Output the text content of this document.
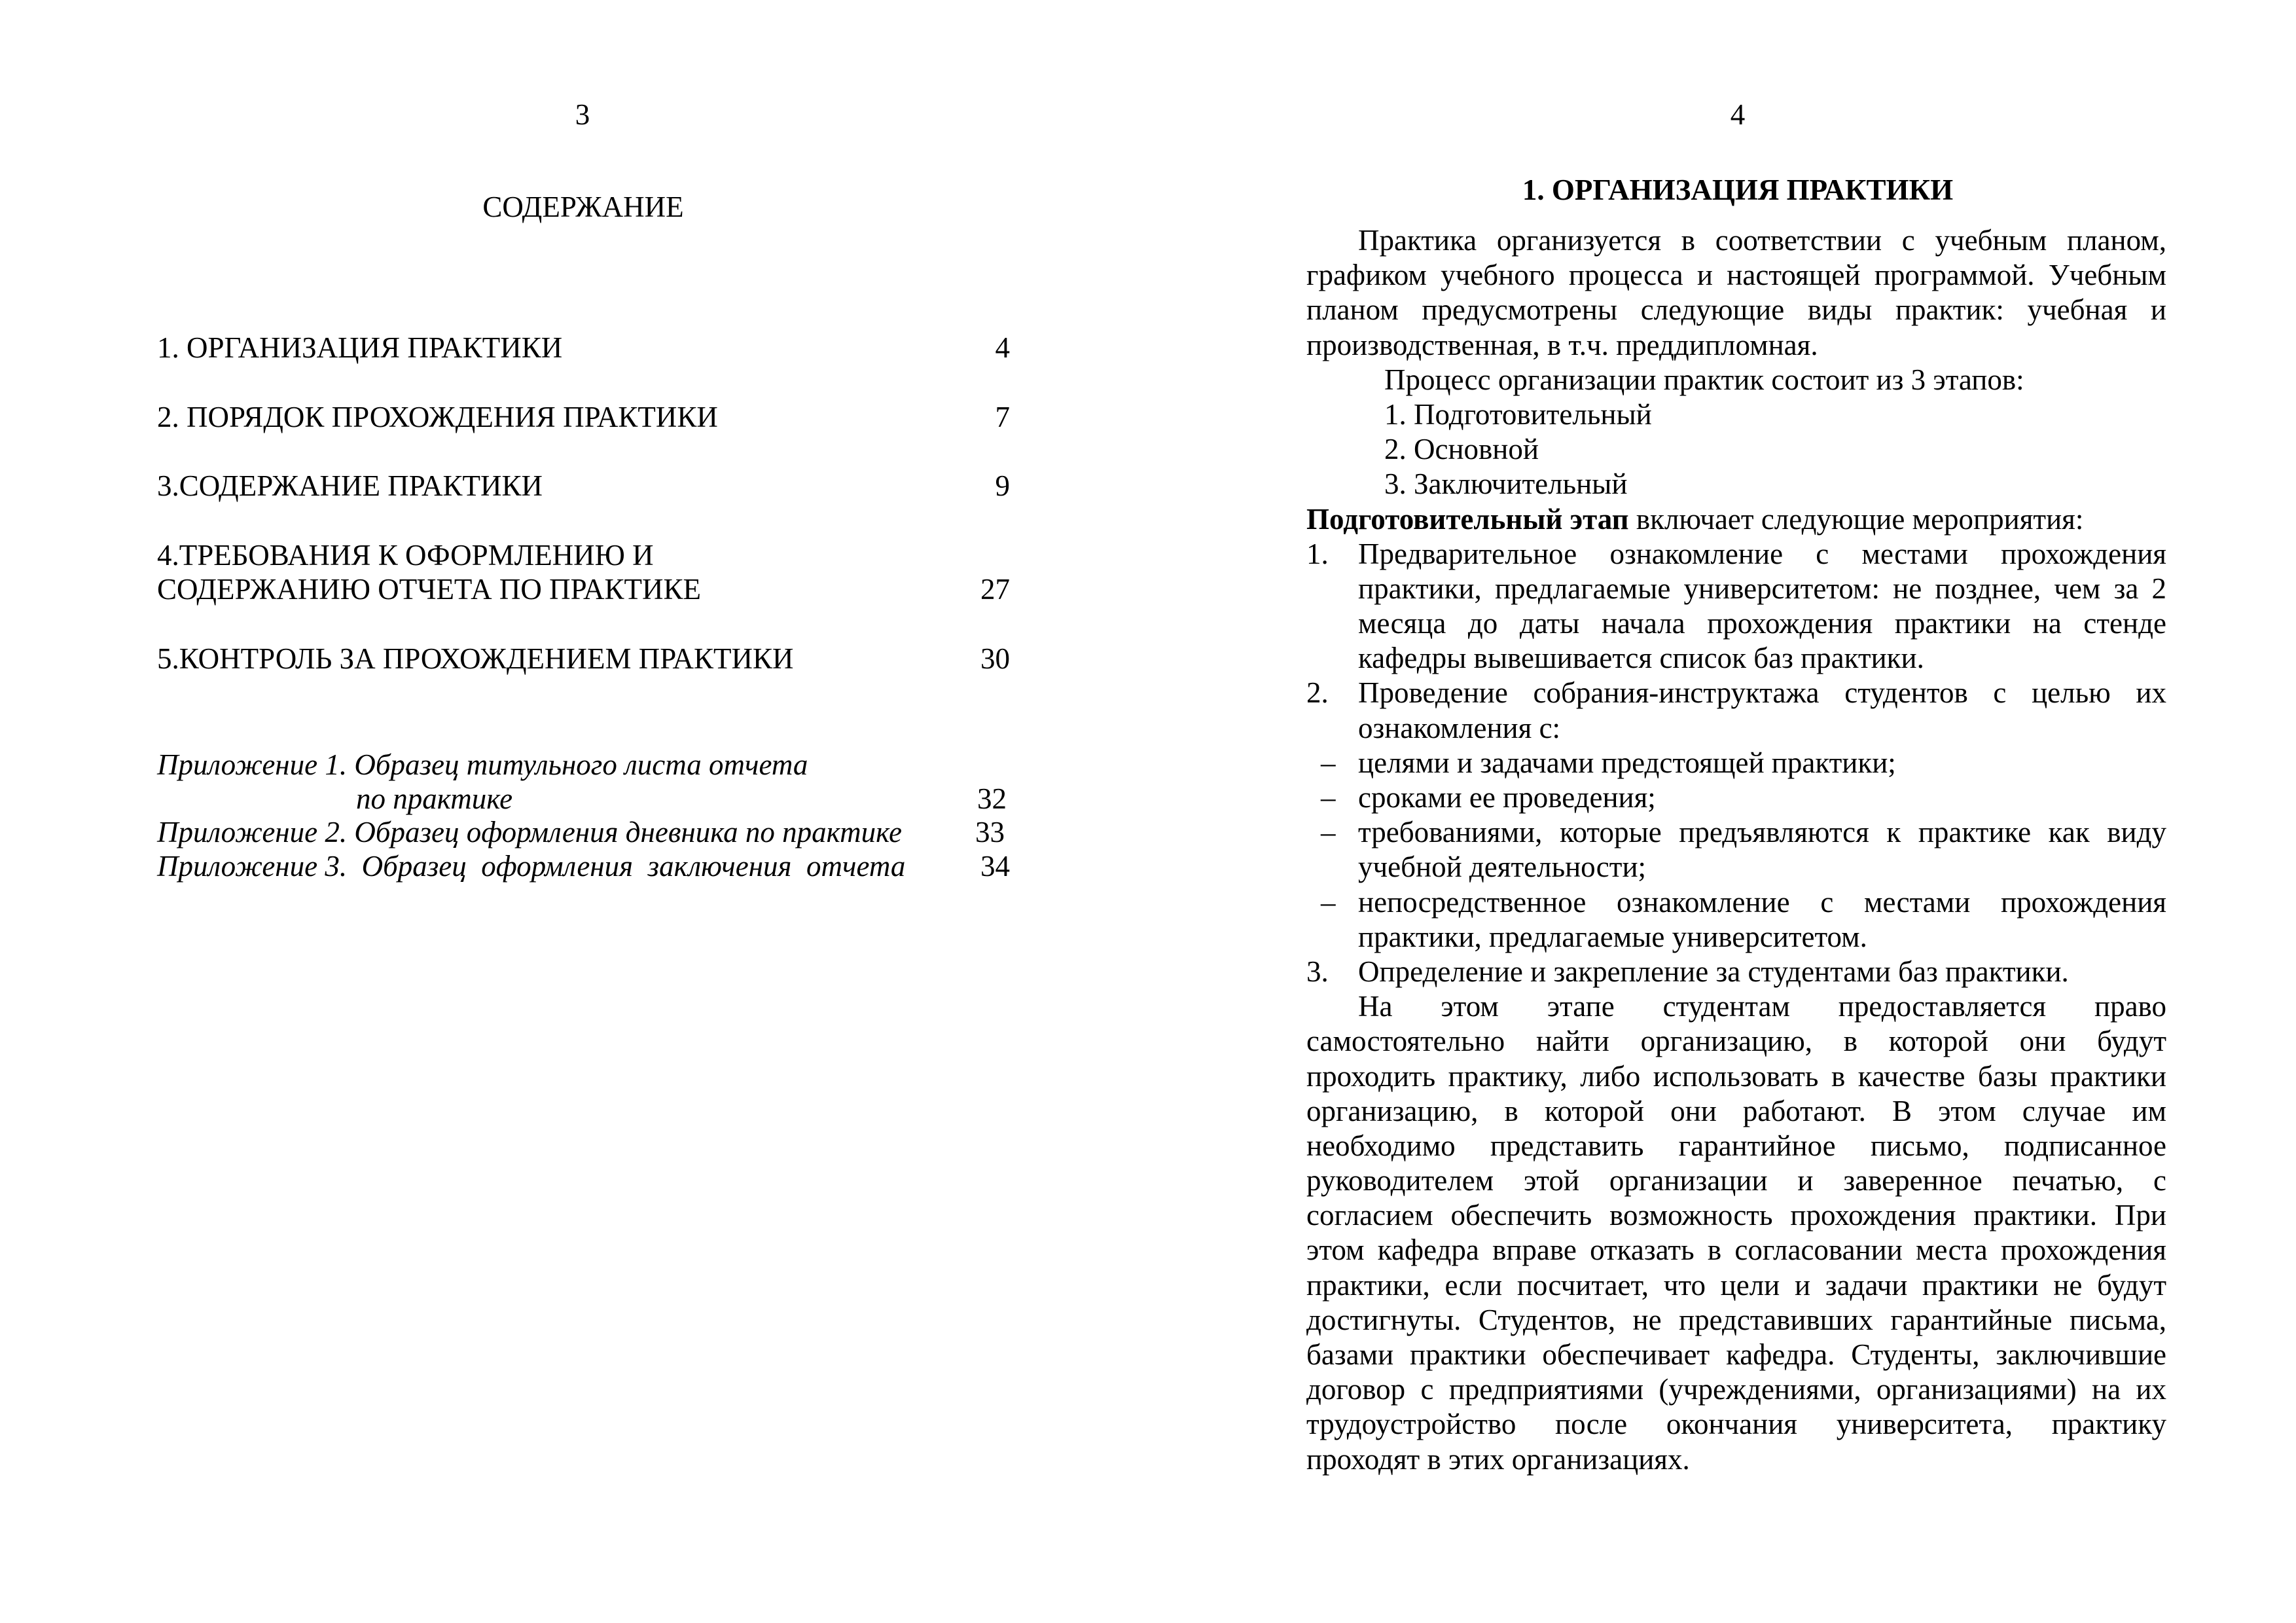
3
СОДЕРЖАНИЕ
1. ОРГАНИЗАЦИЯ ПРАКТИКИ	4
2. ПОРЯДОК ПРОХОЖДЕНИЯ ПРАКТИКИ	7
3.СОДЕРЖАНИЕ ПРАКТИКИ	9
4.ТРЕБОВАНИЯ К ОФОРМЛЕНИЮ И
СОДЕРЖАНИЮ ОТЧЕТА ПО ПРАКТИКЕ	27
5.КОНТРОЛЬ ЗА ПРОХОЖДЕНИЕМ ПРАКТИКИ	30
Приложение 1. Образец титульного листа отчета
по практике	32
Приложение 2. Образец оформления дневника по практике 33
Приложение 3.  Образец  оформления  заключения  отчета	34
4
1. ОРГАНИЗАЦИЯ ПРАКТИКИ
Практика организуется в соответствии с учебным планом,
графиком учебного процесса и настоящей программой. Учебным
планом предусмотрены следующие виды практик: учебная и
производственная, в т.ч. преддипломная.
Процесс организации практик состоит из 3 этапов:
1. Подготовительный
2. Основной
3. Заключительный
Подготовительный этап включает следующие мероприятия:
1. Предварительное ознакомление с местами прохождения
практики, предлагаемые университетом: не позднее, чем за 2
месяца до даты начала прохождения практики на стенде
кафедры вывешивается список баз практики.
2. Проведение собрания-инструктажа студентов с целью их
ознакомления с:
– целями и задачами предстоящей практики;
– сроками ее проведения;
– требованиями, которые предъявляются к практике как виду
учебной деятельности;
– непосредственное ознакомление с местами прохождения
практики, предлагаемые университетом.
3. Определение и закрепление за студентами баз практики.
На этом этапе студентам предоставляется право
самостоятельно найти организацию, в которой они будут
проходить практику, либо использовать в качестве базы практики
организацию, в которой они работают. В этом случае им
необходимо представить гарантийное письмо, подписанное
руководителем этой организации и заверенное печатью, с
согласием обеспечить возможность прохождения практики. При
этом кафедра вправе отказать в согласовании места прохождения
практики, если посчитает, что цели и задачи практики не будут
достигнуты. Студентов, не представивших гарантийные письма,
базами практики обеспечивает кафедра. Студенты, заключившие
договор с предприятиями (учреждениями, организациями) на их
трудоустройство после окончания университета, практику
проходят в этих организациях.
